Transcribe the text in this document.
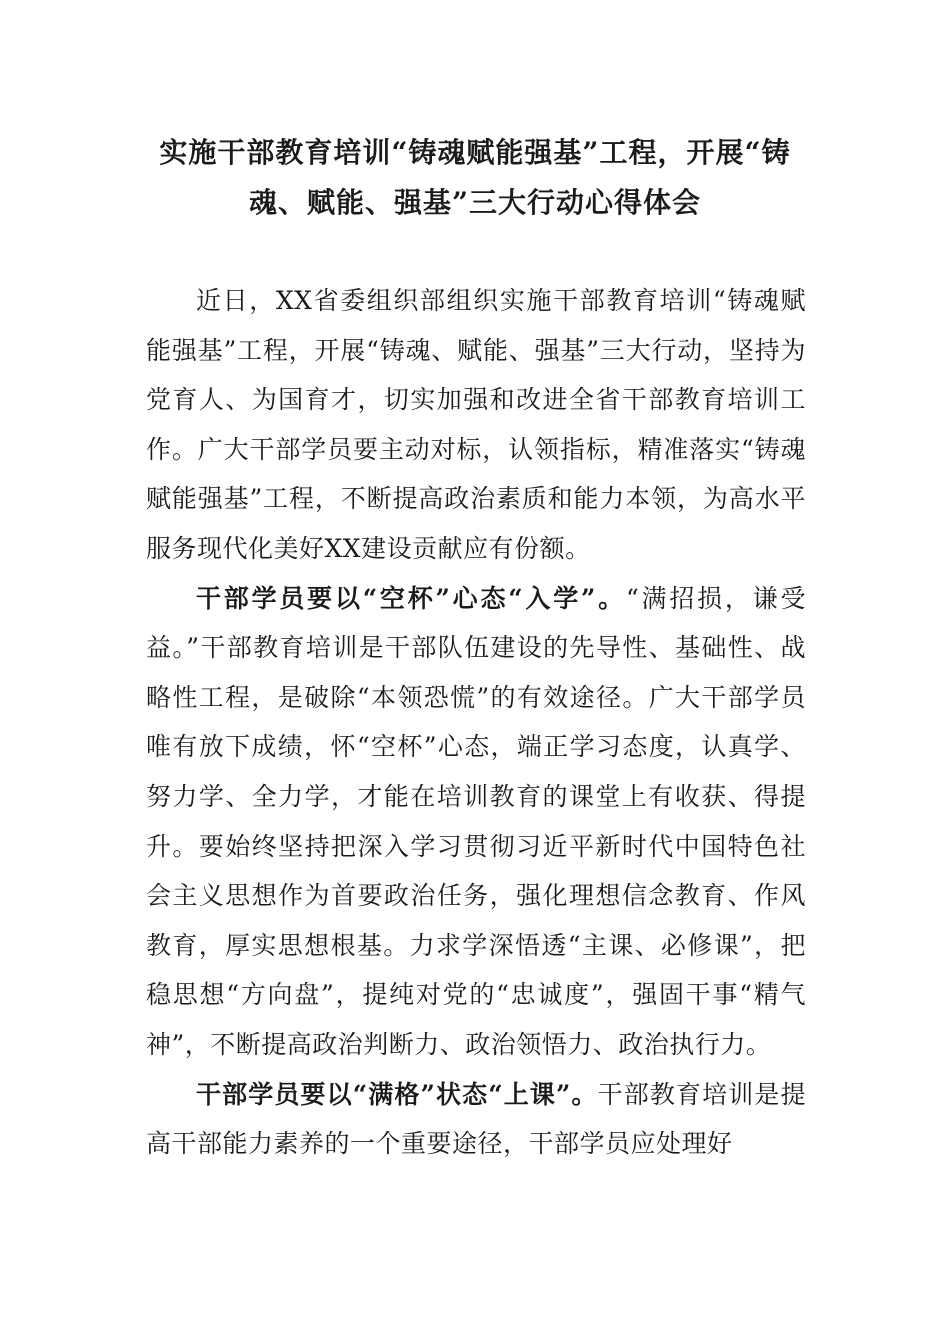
实施干部教育培训“铸魂赋能强基”工程，开展“铸
魂、赋能、强基”三大行动心得体会

近日，XX省委组织部组织实施干部教育培训“铸魂赋能强基”工程，开展“铸魂、赋能、强基”三大行动，坚持为党育人、为国育才，切实加强和改进全省干部教育培训工作。广大干部学员要主动对标，认领指标，精准落实“铸魂赋能强基”工程，不断提高政治素质和能力本领，为高水平服务现代化美好XX建设贡献应有份额。

干部学员要以“空杯”心态“入学”。“满招损，谦受益。”干部教育培训是干部队伍建设的先导性、基础性、战略性工程，是破除“本领恐慌”的有效途径。广大干部学员唯有放下成绩，怀“空杯”心态，端正学习态度，认真学、努力学、全力学，才能在培训教育的课堂上有收获、得提升。要始终坚持把深入学习贯彻习近平新时代中国特色社会主义思想作为首要政治任务，强化理想信念教育、作风教育，厚实思想根基。力求学深悟透“主课、必修课”，把稳思想“方向盘”，提纯对党的“忠诚度”，强固干事“精气神”，不断提高政治判断力、政治领悟力、政治执行力。

干部学员要以“满格”状态“上课”。干部教育培训是提高干部能力素养的一个重要途径，干部学员应处理好
